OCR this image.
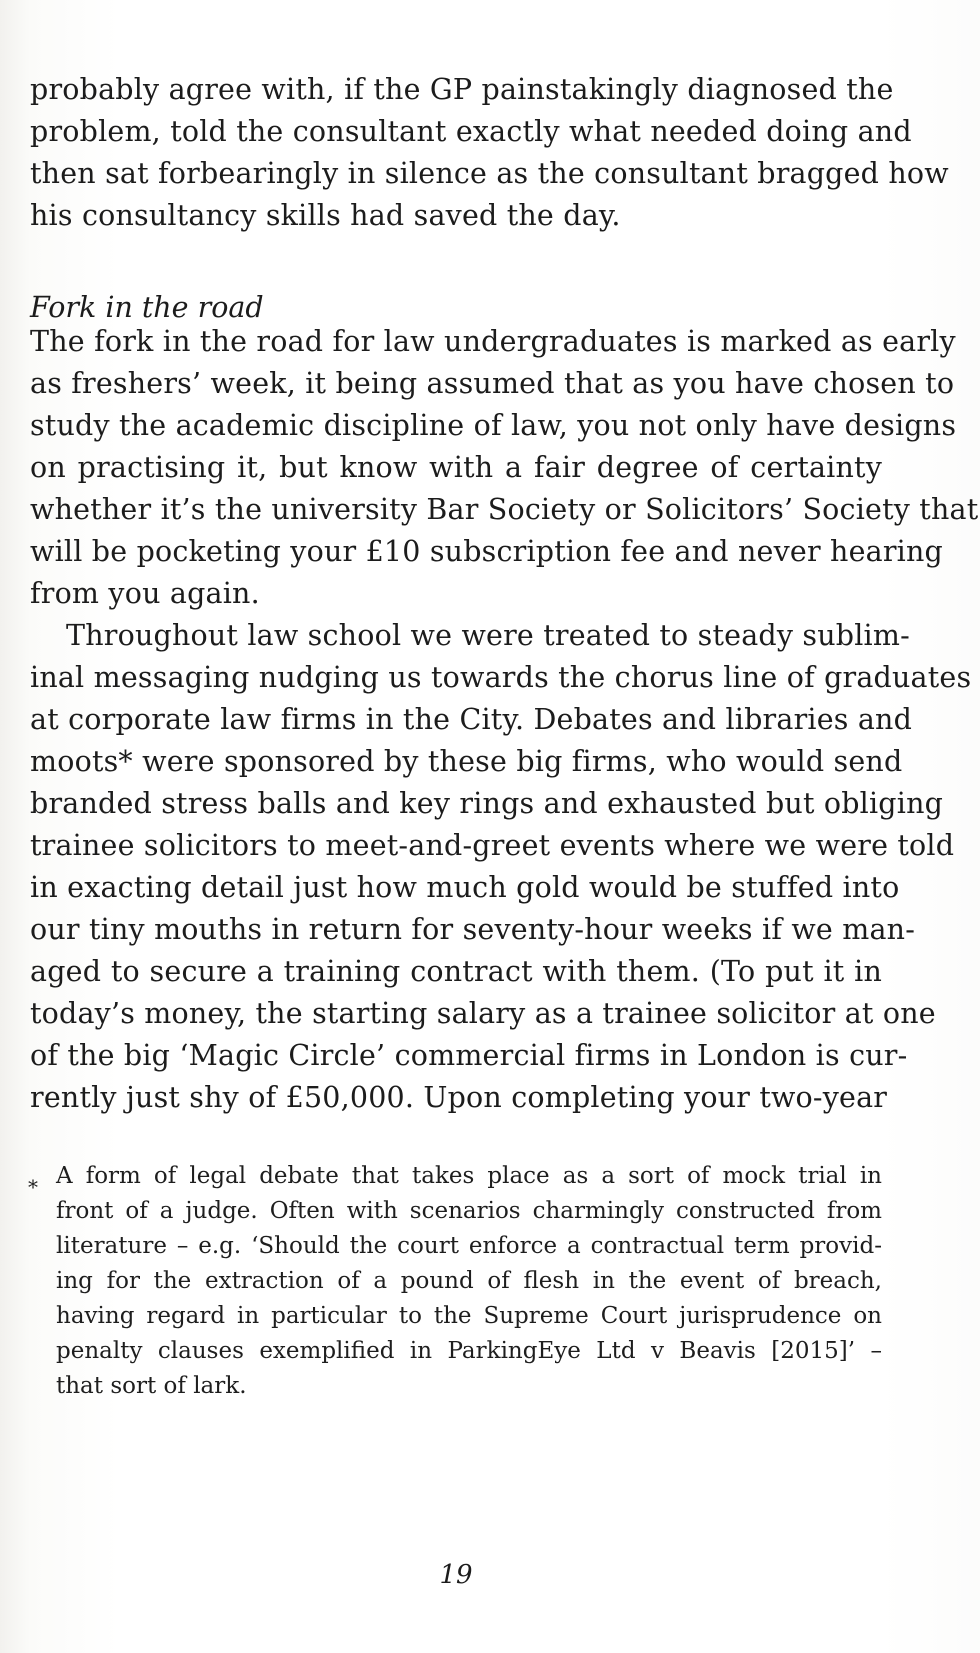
probably agree with, if the GP painstakingly diagnosed the
problem, told the consultant exactly what needed doing and
then sat forbearingly in silence as the consultant bragged how
his consultancy skills had saved the day.
Fork in the road
The fork in the road for law undergraduates is marked as early
as freshers’ week, it being assumed that as you have chosen to
study the academic discipline of law, you not only have designs
on practising it, but know with a fair degree of certainty
whether it’s the university Bar Society or Solicitors’ Society that
will be pocketing your £10 subscription fee and never hearing
from you again.
Throughout law school we were treated to steady sublim-
inal messaging nudging us towards the chorus line of graduates
at corporate law firms in the City. Debates and libraries and
moots* were sponsored by these big firms, who would send
branded stress balls and key rings and exhausted but obliging
trainee solicitors to meet-and-greet events where we were told
in exacting detail just how much gold would be stuffed into
our tiny mouths in return for seventy-hour weeks if we man-
aged to secure a training contract with them. (To put it in
today’s money, the starting salary as a trainee solicitor at one
of the big ‘Magic Circle’ commercial firms in London is cur-
rently just shy of £50,000. Upon completing your two-year
* A form of legal debate that takes place as a sort of mock trial in
front of a judge. Often with scenarios charmingly constructed from
literature – e.g. ‘Should the court enforce a contractual term provid-
ing for the extraction of a pound of flesh in the event of breach,
having regard in particular to the Supreme Court jurisprudence on
penalty clauses exemplified in ParkingEye Ltd v Beavis [2015]’ –
that sort of lark.
19
